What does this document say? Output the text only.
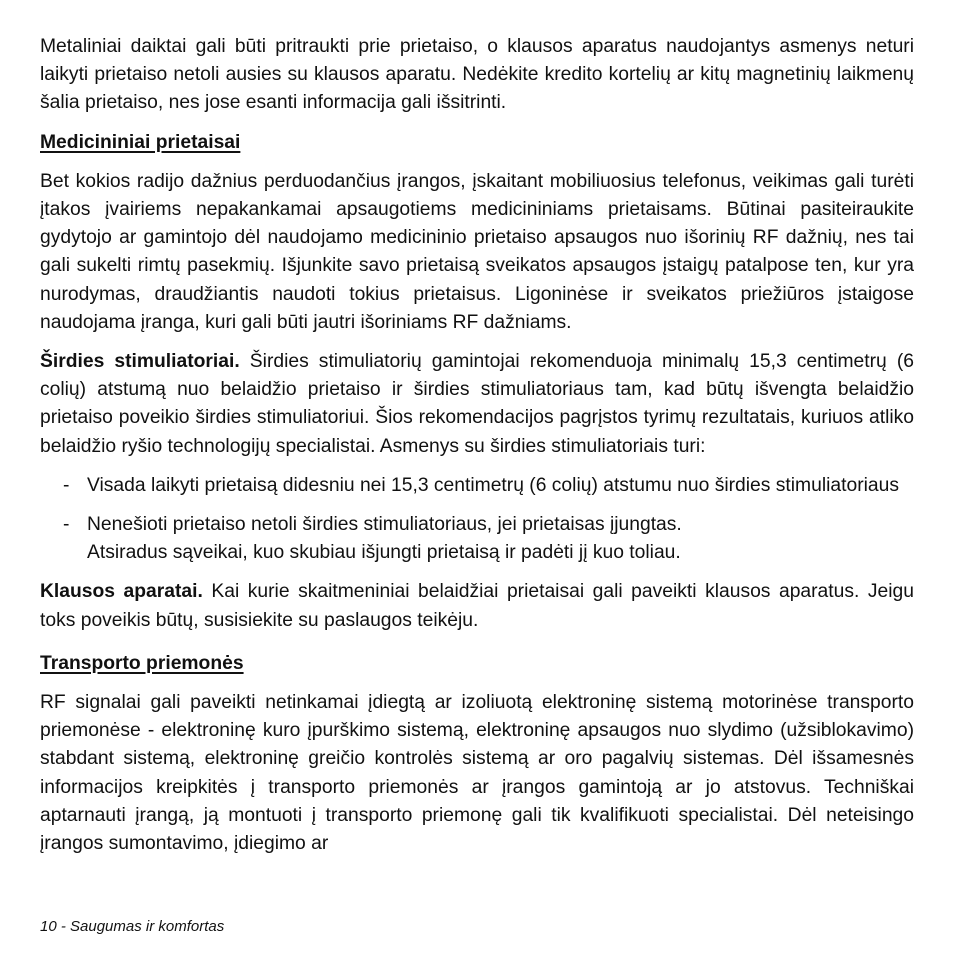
Metaliniai daiktai gali būti pritraukti prie prietaiso, o klausos aparatus naudojantys asmenys neturi laikyti prietaiso netoli ausies su klausos aparatu. Nedėkite kredito kortelių ar kitų magnetinių laikmenų šalia prietaiso, nes jose esanti informacija gali išsitrinti.

Medicininiai prietaisai

Bet kokios radijo dažnius perduodančius įrangos, įskaitant mobiliuosius telefonus, veikimas gali turėti įtakos įvairiems nepakankamai apsaugotiems medicininiams prietaisams. Būtinai pasiteiraukite gydytojo ar gamintojo dėl naudojamo medicininio prietaiso apsaugos nuo išorinių RF dažnių, nes tai gali sukelti rimtų pasekmių. Išjunkite savo prietaisą sveikatos apsaugos įstaigų patalpose ten, kur yra nurodymas, draudžiantis naudoti tokius prietaisus. Ligoninėse ir sveikatos priežiūros įstaigose naudojama įranga, kuri gali būti jautri išoriniams RF dažniams.

Širdies stimuliatoriai. Širdies stimuliatorių gamintojai rekomenduoja minimalų 15,3 centimetrų (6 colių) atstumą nuo belaidžio prietaiso ir širdies stimuliatoriaus tam, kad būtų išvengta belaidžio prietaiso poveikio širdies stimuliatoriui. Šios rekomendacijos pagrįstos tyrimų rezultatais, kuriuos atliko belaidžio ryšio technologijų specialistai. Asmenys su širdies stimuliatoriais turi:

- Visada laikyti prietaisą didesniu nei 15,3 centimetrų (6 colių) atstumu nuo širdies stimuliatoriaus
- Nenešioti prietaiso netoli širdies stimuliatoriaus, jei prietaisas įjungtas.
Atsiradus sąveikai, kuo skubiau išjungti prietaisą ir padėti jį kuo toliau.

Klausos aparatai. Kai kurie skaitmeniniai belaidžiai prietaisai gali paveikti klausos aparatus. Jeigu toks poveikis būtų, susisiekite su paslaugos teikėju.

Transporto priemonės

RF signalai gali paveikti netinkamai įdiegtą ar izoliuotą elektroninę sistemą motorinėse transporto priemonėse - elektroninę kuro įpurškimo sistemą, elektroninę apsaugos nuo slydimo (užsiblokavimo) stabdant sistemą, elektroninę greičio kontrolės sistemą ar oro pagalvių sistemas. Dėl išsamesnės informacijos kreipkitės į transporto priemonės ar įrangos gamintoją ar jo atstovus. Techniškai aptarnauti įrangą, ją montuoti į transporto priemonę gali tik kvalifikuoti specialistai. Dėl neteisingo įrangos sumontavimo, įdiegimo ar

10 - Saugumas ir komfortas
